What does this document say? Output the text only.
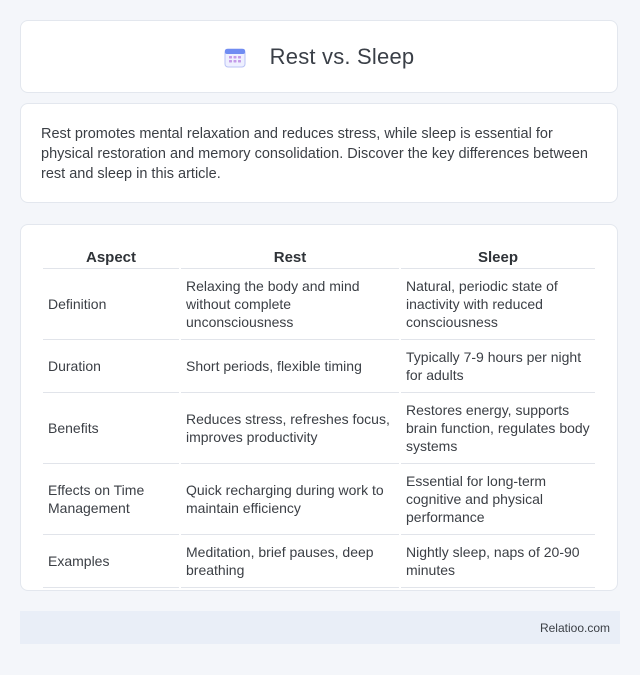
Rest vs. Sleep

Rest promotes mental relaxation and reduces stress, while sleep is essential for physical restoration and memory consolidation. Discover the key differences between rest and sleep in this article.

Aspect	Rest	Sleep
Definition	Relaxing the body and mind without complete unconsciousness	Natural, periodic state of inactivity with reduced consciousness
Duration	Short periods, flexible timing	Typically 7-9 hours per night for adults
Benefits	Reduces stress, refreshes focus, improves productivity	Restores energy, supports brain function, regulates body systems
Effects on Time Management	Quick recharging during work to maintain efficiency	Essential for long-term cognitive and physical performance
Examples	Meditation, brief pauses, deep breathing	Nightly sleep, naps of 20-90 minutes
Relatioo.com
